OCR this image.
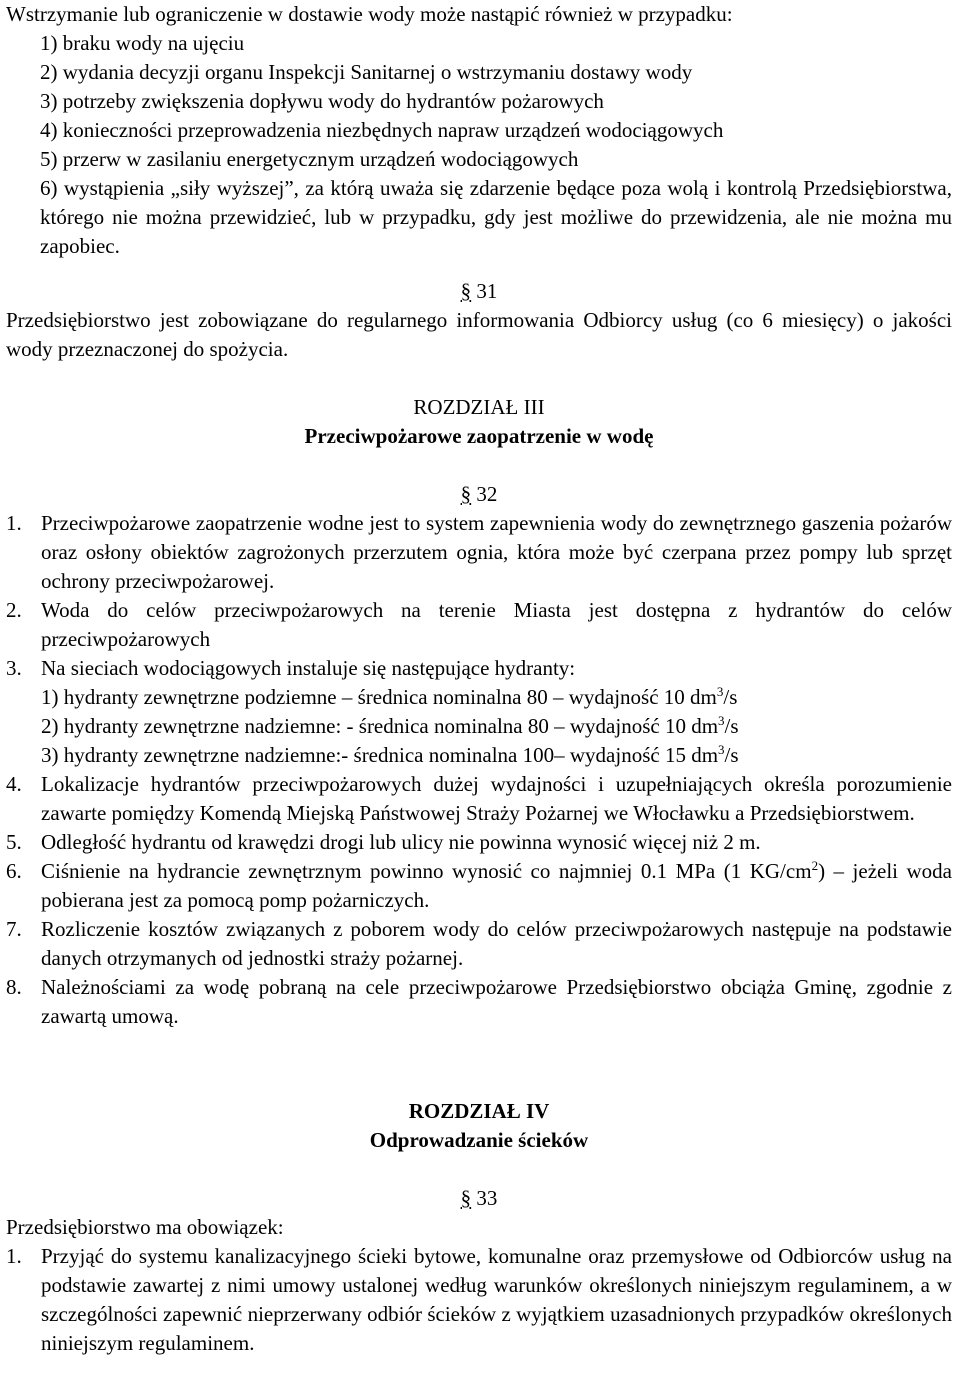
Wstrzymanie lub ograniczenie w dostawie wody może nastąpić również w przypadku:

1) braku wody na ujęciu
2) wydania decyzji organu Inspekcji Sanitarnej o wstrzymaniu dostawy wody
3) potrzeby zwiększenia dopływu wody do hydrantów pożarowych
4) konieczności przeprowadzenia niezbędnych napraw urządzeń wodociągowych
5) przerw w zasilaniu energetycznym urządzeń wodociągowych
6) wystąpienia „siły wyższej”, za którą uważa się zdarzenie będące poza wolą i kontrolą Przedsiębiorstwa, którego nie można przewidzieć, lub w przypadku, gdy jest możliwe do przewidzenia, ale nie można mu zapobiec.

§ 31

Przedsiębiorstwo jest zobowiązane do regularnego informowania Odbiorcy usług (co 6 miesięcy) o jakości wody przeznaczonej do spożycia.

ROZDZIAŁ III

Przeciwpożarowe zaopatrzenie w wodę

§ 32

1. Przeciwpożarowe zaopatrzenie wodne jest to system zapewnienia wody do zewnętrznego gaszenia pożarów oraz osłony obiektów zagrożonych przerzutem ognia, która może być czerpana przez pompy lub sprzęt ochrony przeciwpożarowej.
2. Woda do celów przeciwpożarowych na terenie Miasta jest dostępna z hydrantów do celów przeciwpożarowych
3. Na sieciach wodociągowych instaluje się następujące hydranty:
1) hydranty zewnętrzne podziemne – średnica nominalna 80 – wydajność 10 $dm^3/s$
2) hydranty zewnętrzne nadziemne: - średnica nominalna 80 – wydajność 10 $dm^3/s$
3) hydranty zewnętrzne nadziemne:- średnica nominalna 100– wydajność 15 $dm^3/s$
4. Lokalizacje hydrantów przeciwpożarowych dużej wydajności i uzupełniających określa porozumienie zawarte pomiędzy Komendą Miejską Państwowej Straży Pożarnej we Włocławku a Przedsiębiorstwem.
5. Odległość hydrantu od krawędzi drogi lub ulicy nie powinna wynosić więcej niż 2 m.
6. Ciśnienie na hydrancie zewnętrznym powinno wynosić co najmniej 0.1 MPa (1 $KG/cm^2$) – jeżeli woda pobierana jest za pomocą pomp pożarniczych.
7. Rozliczenie kosztów związanych z poborem wody do celów przeciwpożarowych następuje na podstawie danych otrzymanych od jednostki straży pożarnej.
8. Należnościami za wodę pobraną na cele przeciwpożarowe Przedsiębiorstwo obciąża Gminę, zgodnie z zawartą umową.

ROZDZIAŁ IV

Odprowadzanie ścieków

§ 33

Przedsiębiorstwo ma obowiązek:

1. Przyjąć do systemu kanalizacyjnego ścieki bytowe, komunalne oraz przemysłowe od Odbiorców usług na podstawie zawartej z nimi umowy ustalonej według warunków określonych niniejszym regulaminem, a w szczególności zapewnić nieprzerwany odbiór ścieków z wyjątkiem uzasadnionych przypadków określonych niniejszym regulaminem.
